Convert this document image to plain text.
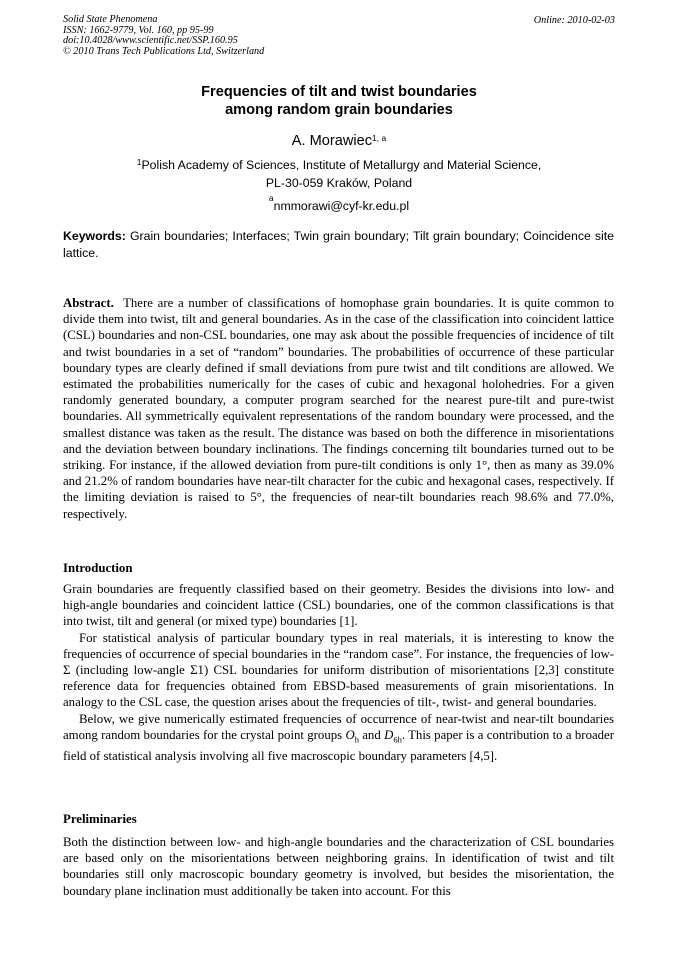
Solid State Phenomena
ISSN: 1662-9779, Vol. 160, pp 95-99
doi:10.4028/www.scientific.net/SSP.160.95
© 2010 Trans Tech Publications Ltd, Switzerland
Online: 2010-02-03
Frequencies of tilt and twist boundaries
among random grain boundaries
A. Morawiec$^{1, a}$
$^1$Polish Academy of Sciences, Institute of Metallurgy and Material Science,
PL-30-059 Kraków, Poland
$^a$nmmorawi@cyf-kr.edu.pl
Keywords: Grain boundaries; Interfaces; Twin grain boundary; Tilt grain boundary; Coincidence site lattice.
Abstract. There are a number of classifications of homophase grain boundaries. It is quite common to divide them into twist, tilt and general boundaries. As in the case of the classification into coincident lattice (CSL) boundaries and non-CSL boundaries, one may ask about the possible frequencies of incidence of tilt and twist boundaries in a set of “random” boundaries. The probabilities of occurrence of these particular boundary types are clearly defined if small deviations from pure twist and tilt conditions are allowed. We estimated the probabilities numerically for the cases of cubic and hexagonal holohedries. For a given randomly generated boundary, a computer program searched for the nearest pure-tilt and pure-twist boundaries. All symmetrically equivalent representations of the random boundary were processed, and the smallest distance was taken as the result. The distance was based on both the difference in misorientations and the deviation between boundary inclinations. The findings concerning tilt boundaries turned out to be striking. For instance, if the allowed deviation from pure-tilt conditions is only 1°, then as many as 39.0% and 21.2% of random boundaries have near-tilt character for the cubic and hexagonal cases, respectively. If the limiting deviation is raised to 5°, the frequencies of near-tilt boundaries reach 98.6% and 77.0%, respectively.
Introduction

Grain boundaries are frequently classified based on their geometry. Besides the divisions into low- and high-angle boundaries and coincident lattice (CSL) boundaries, one of the common classifications is that into twist, tilt and general (or mixed type) boundaries [1].

For statistical analysis of particular boundary types in real materials, it is interesting to know the frequencies of occurrence of special boundaries in the “random case”. For instance, the frequencies of low-Σ (including low-angle Σ1) CSL boundaries for uniform distribution of misorientations [2,3] constitute reference data for frequencies obtained from EBSD-based measurements of grain misorientations. In analogy to the CSL case, the question arises about the frequencies of tilt-, twist- and general boundaries.

Below, we give numerically estimated frequencies of occurrence of near-twist and near-tilt boundaries among random boundaries for the crystal point groups $O_h$ and $D_{6h}$. This paper is a contribution to a broader field of statistical analysis involving all five macroscopic boundary parameters [4,5].

Preliminaries

Both the distinction between low- and high-angle boundaries and the characterization of CSL boundaries are based only on the misorientations between neighboring grains. In identification of twist and tilt boundaries still only macroscopic boundary geometry is involved, but besides the misorientation, the boundary plane inclination must additionally be taken into account. For this
